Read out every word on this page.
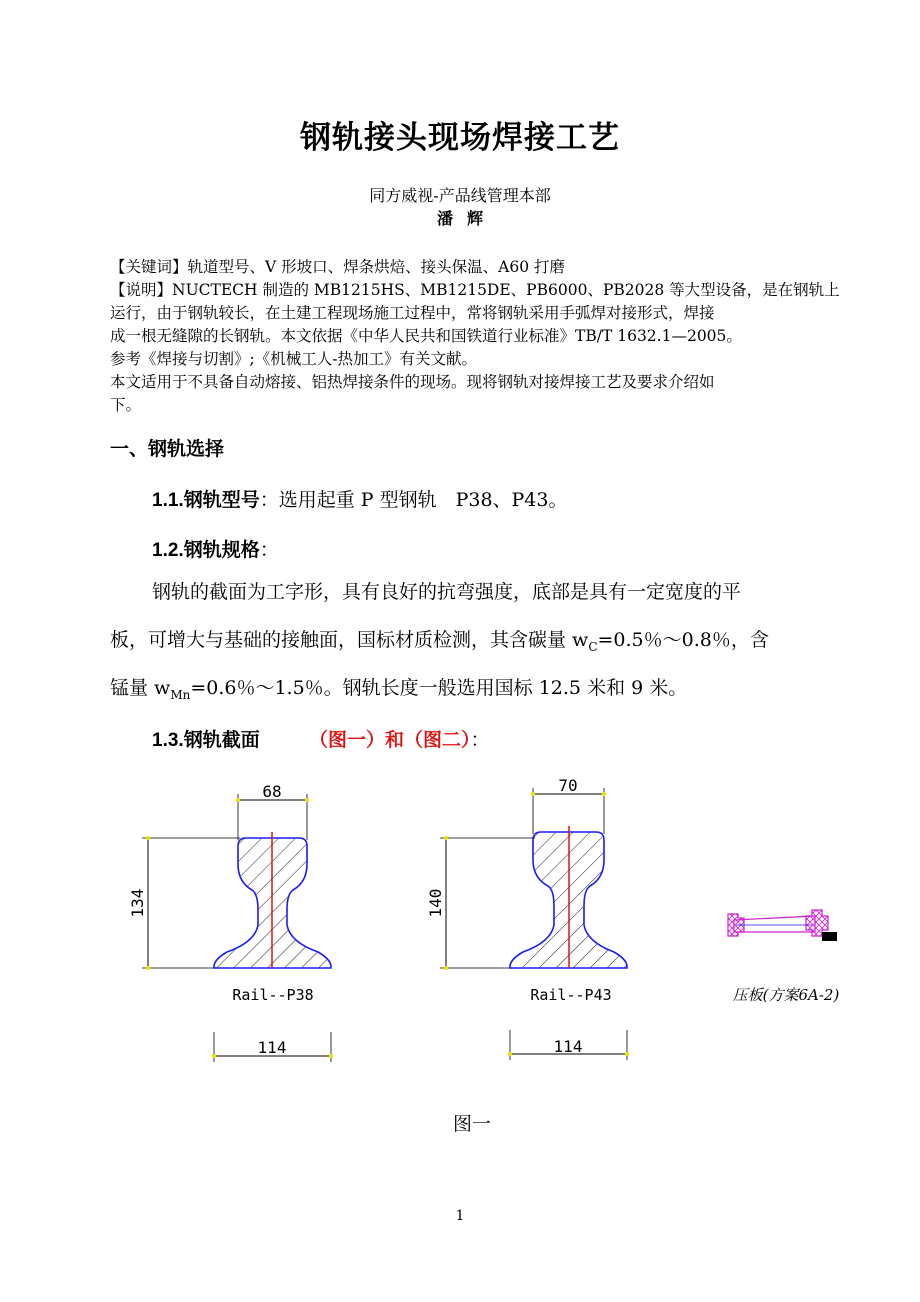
钢轨接头现场焊接工艺
同方威视-产品线管理本部
潘辉
【关键词】轨道型号、V 形坡口、焊条烘焙、接头保温、A60 打磨
【说明】NUCTECH 制造的 MB1215HS、MB1215DE、PB6000、PB2028 等大型设备，是在钢轨上
运行，由于钢轨较长，在土建工程现场施工过程中，常将钢轨采用手弧焊对接形式，焊接
成一根无缝隙的长钢轨。本文依据《中华人民共和国铁道行业标准》TB/T 1632.1—2005。
参考《焊接与切割》;《机械工人-热加工》有关文献。
本文适用于不具备自动熔接、铝热焊接条件的现场。现将钢轨对接焊接工艺及要求介绍如
下。
一、钢轨选择
1.1.钢轨型号：选用起重 P 型钢轨　P38、P43。
1.2.钢轨规格：
钢轨的截面为工字形，具有良好的抗弯强度，底部是具有一定宽度的平
板，可增大与基础的接触面，国标材质检测，其含碳量 $w_C=0.5$％～0.8％，含
锰量 $w_{Mn}=0.6$％～1.5％。钢轨长度一般选用国标 12.5 米和 9 米。
1.3.钢轨截面	（图一）和（图二）：
68
134
Rail--P38
114
70
140
Rail--P43
114
压板(方案6A-2)
图一
1
